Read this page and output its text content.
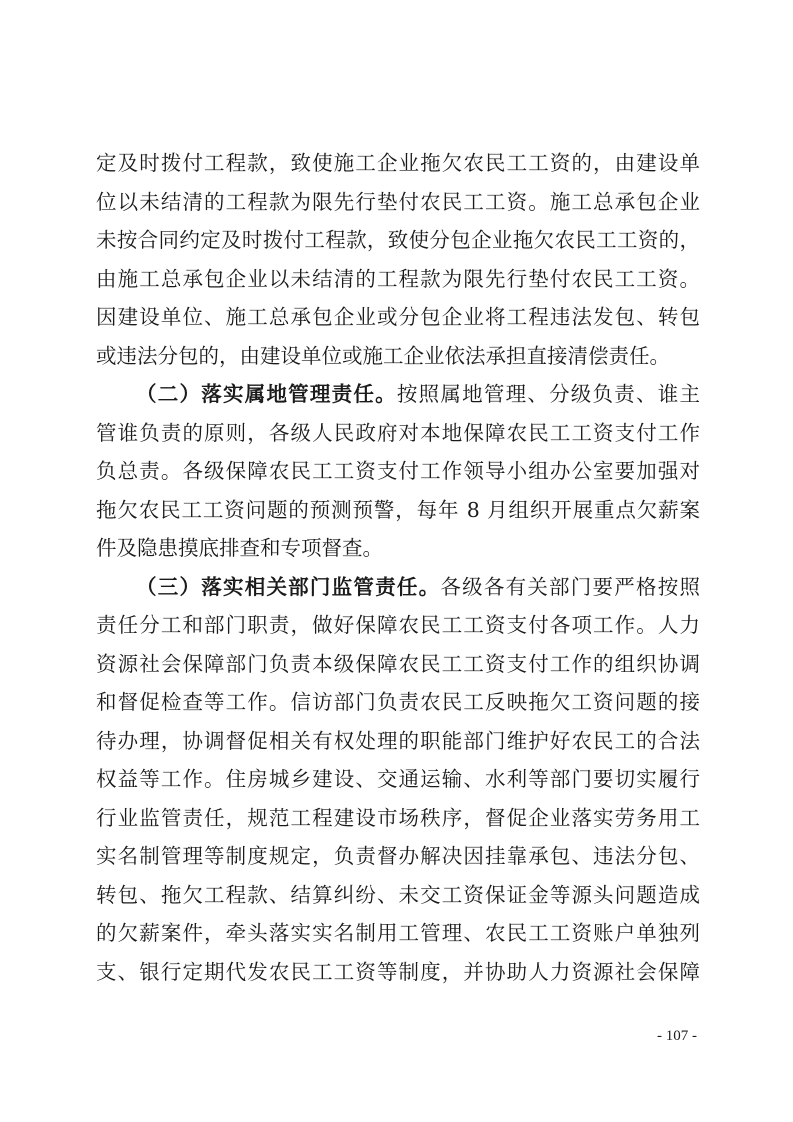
定及时拨付工程款，致使施工企业拖欠农民工工资的，由建设单
位以未结清的工程款为限先行垫付农民工工资。施工总承包企业
未按合同约定及时拨付工程款，致使分包企业拖欠农民工工资的，
由施工总承包企业以未结清的工程款为限先行垫付农民工工资。
因建设单位、施工总承包企业或分包企业将工程违法发包、转包
或违法分包的，由建设单位或施工企业依法承担直接清偿责任。
（二）落实属地管理责任。按照属地管理、分级负责、谁主
管谁负责的原则，各级人民政府对本地保障农民工工资支付工作
负总责。各级保障农民工工资支付工作领导小组办公室要加强对
拖欠农民工工资问题的预测预警，每年 8 月组织开展重点欠薪案
件及隐患摸底排查和专项督查。
（三）落实相关部门监管责任。各级各有关部门要严格按照
责任分工和部门职责，做好保障农民工工资支付各项工作。人力
资源社会保障部门负责本级保障农民工工资支付工作的组织协调
和督促检查等工作。信访部门负责农民工反映拖欠工资问题的接
待办理，协调督促相关有权处理的职能部门维护好农民工的合法
权益等工作。住房城乡建设、交通运输、水利等部门要切实履行
行业监管责任，规范工程建设市场秩序，督促企业落实劳务用工
实名制管理等制度规定，负责督办解决因挂靠承包、违法分包、
转包、拖欠工程款、结算纠纷、未交工资保证金等源头问题造成
的欠薪案件，牵头落实实名制用工管理、农民工工资账户单独列
支、银行定期代发农民工工资等制度，并协助人力资源社会保障
- 107 -
